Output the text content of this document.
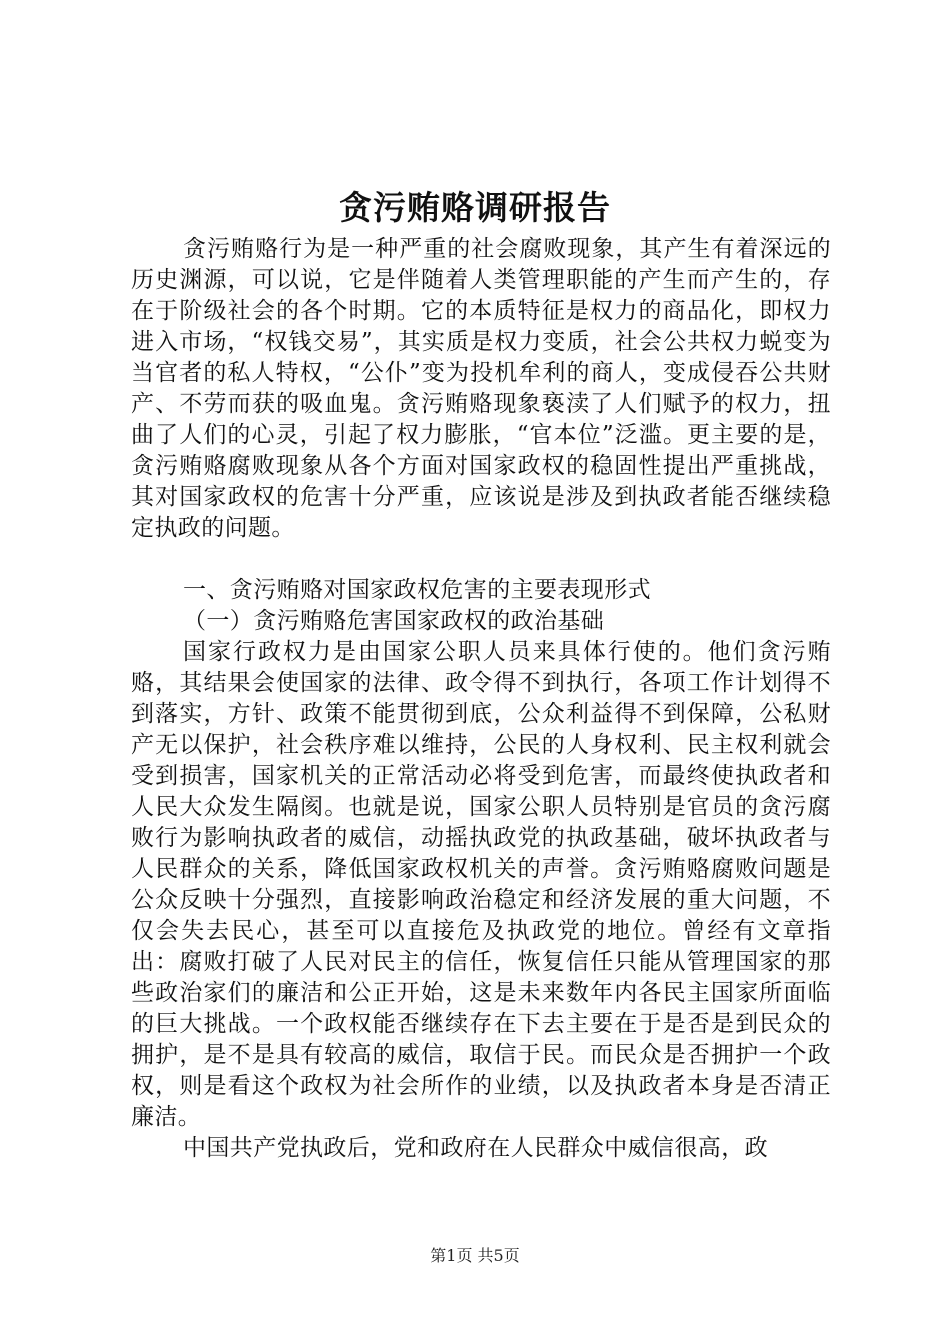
贪污贿赂调研报告

贪污贿赂行为是一种严重的社会腐败现象，其产生有着深远的历史渊源，可以说，它是伴随着人类管理职能的产生而产生的，存在于阶级社会的各个时期。它的本质特征是权力的商品化，即权力进入市场，“权钱交易”，其实质是权力变质，社会公共权力蜕变为当官者的私人特权，“公仆”变为投机牟利的商人，变成侵吞公共财产、不劳而获的吸血鬼。贪污贿赂现象亵渎了人们赋予的权力，扭曲了人们的心灵，引起了权力膨胀，“官本位”泛滥。更主要的是，贪污贿赂腐败现象从各个方面对国家政权的稳固性提出严重挑战，其对国家政权的危害十分严重，应该说是涉及到执政者能否继续稳定执政的问题。

一、贪污贿赂对国家政权危害的主要表现形式

（一）贪污贿赂危害国家政权的政治基础

国家行政权力是由国家公职人员来具体行使的。他们贪污贿赂，其结果会使国家的法律、政令得不到执行，各项工作计划得不到落实，方针、政策不能贯彻到底，公众利益得不到保障，公私财产无以保护，社会秩序难以维持，公民的人身权利、民主权利就会受到损害，国家机关的正常活动必将受到危害，而最终使执政者和人民大众发生隔阂。也就是说，国家公职人员特别是官员的贪污腐败行为影响执政者的威信，动摇执政党的执政基础，破坏执政者与人民群众的关系，降低国家政权机关的声誉。贪污贿赂腐败问题是公众反映十分强烈，直接影响政治稳定和经济发展的重大问题，不仅会失去民心，甚至可以直接危及执政党的地位。曾经有文章指出：腐败打破了人民对民主的信任，恢复信任只能从管理国家的那些政治家们的廉洁和公正开始，这是未来数年内各民主国家所面临的巨大挑战。一个政权能否继续存在下去主要在于是否是到民众的拥护，是不是具有较高的威信，取信于民。而民众是否拥护一个政权，则是看这个政权为社会所作的业绩，以及执政者本身是否清正廉洁。

中国共产党执政后，党和政府在人民群众中威信很高，政

第1页 共5页
